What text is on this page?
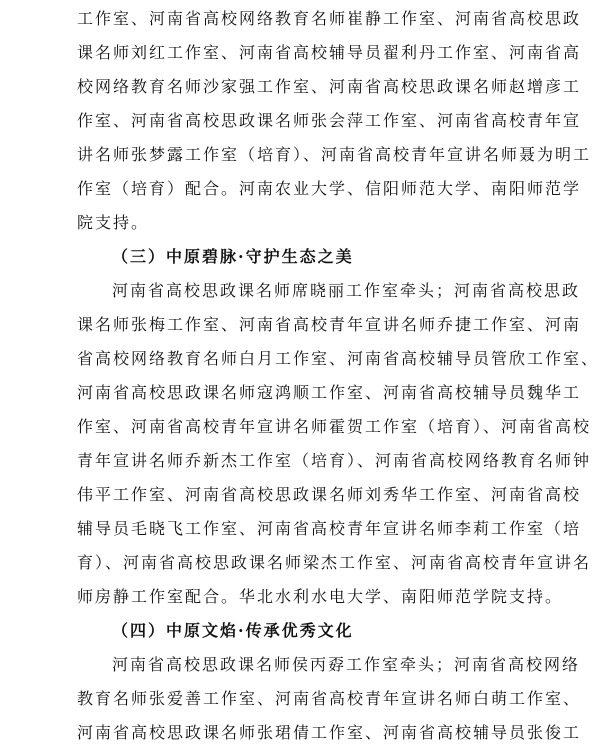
工作室、河南省高校网络教育名师崔静工作室、河南省高校思政
课名师刘红工作室、河南省高校辅导员翟利丹工作室、河南省高
校网络教育名师沙家强工作室、河南省高校思政课名师赵增彦工
作室、河南省高校思政课名师张会萍工作室、河南省高校青年宣
讲名师张梦露工作室（培育）、河南省高校青年宣讲名师聂为明工
作室（培育）配合。河南农业大学、信阳师范大学、南阳师范学
院支持。
（三）中原碧脉·守护生态之美
河南省高校思政课名师席晓丽工作室牵头；河南省高校思政
课名师张梅工作室、河南省高校青年宣讲名师乔捷工作室、河南
省高校网络教育名师白月工作室、河南省高校辅导员管欣工作室、
河南省高校思政课名师寇鸿顺工作室、河南省高校辅导员魏华工
作室、河南省高校青年宣讲名师霍贺工作室（培育）、河南省高校
青年宣讲名师乔新杰工作室（培育）、河南省高校网络教育名师钟
伟平工作室、河南省高校思政课名师刘秀华工作室、河南省高校
辅导员毛晓飞工作室、河南省高校青年宣讲名师李莉工作室（培
育）、河南省高校思政课名师梁杰工作室、河南省高校青年宣讲名
师房静工作室配合。华北水利水电大学、南阳师范学院支持。
（四）中原文焰·传承优秀文化
河南省高校思政课名师侯丙孬工作室牵头；河南省高校网络
教育名师张爱善工作室、河南省高校青年宣讲名师白萌工作室、
河南省高校思政课名师张珺倩工作室、河南省高校辅导员张俊工
